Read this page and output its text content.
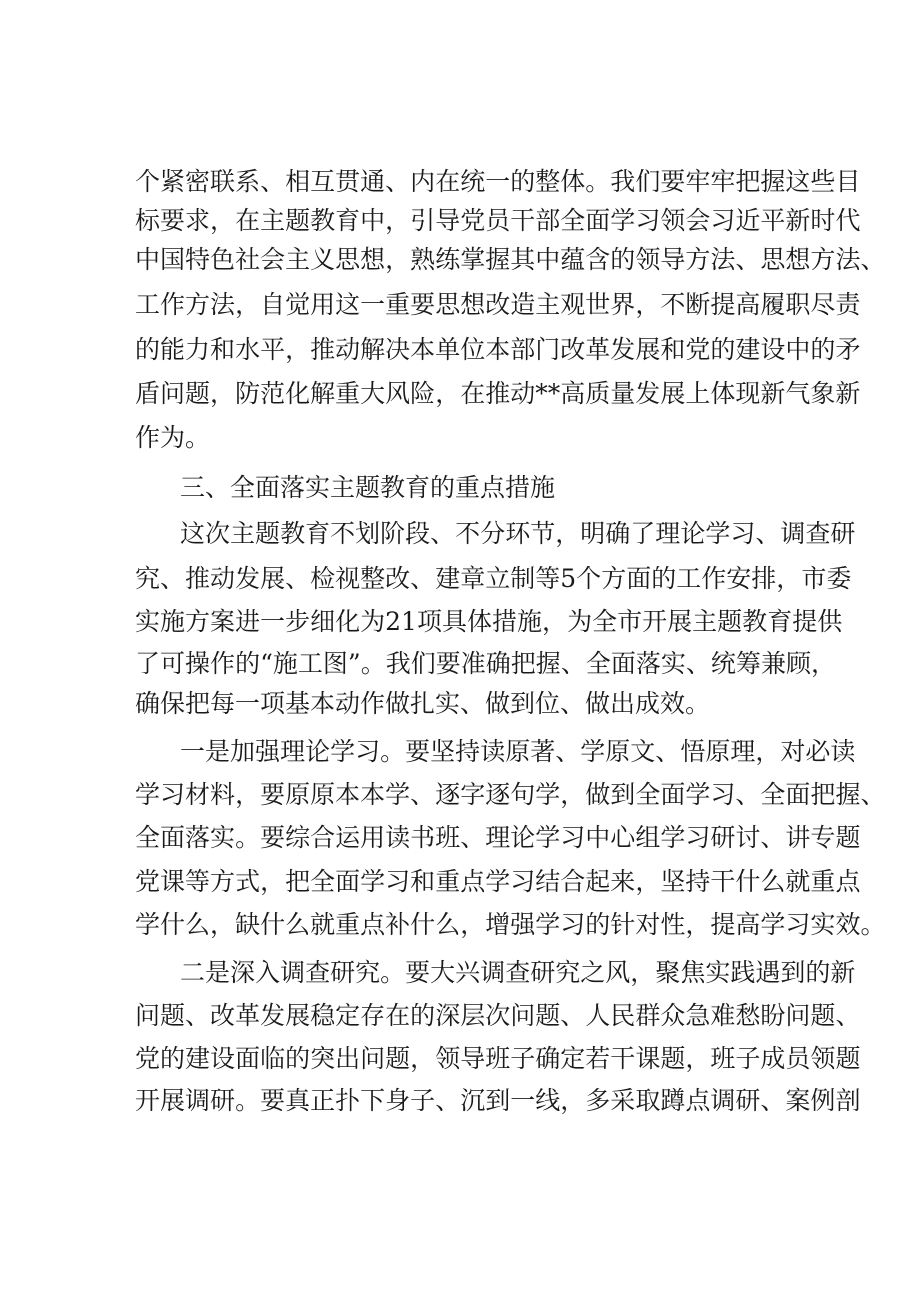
个 紧 密 联 系 、 相 互 贯 通 、 内 在 统 一 的 整 体 。 我 们 要 牢 牢 把 握 这 些 目
标 要 求 ， 在 主 题 教 育 中 ， 引 导 党 员 干 部 全 面 学 习 领 会 习 近 平 新 时 代
中 国 特 色 社 会 主 义 思 想 ， 熟 练 掌 握 其 中 蕴 含 的 领 导 方 法 、 思 想 方 法 、
工 作 方 法 ， 自 觉 用 这 一 重 要 思 想 改 造 主 观 世 界 ， 不 断 提 高 履 职 尽 责
的 能 力 和 水 平 ， 推 动 解 决 本 单 位 本 部 门 改 革 发 展 和 党 的 建 设 中 的 矛
盾 问 题 ， 防 范 化 解 重 大 风 险 ， 在 推 动 ** 高 质 量 发 展 上 体 现 新 气 象 新
作为。
三、全面落实主题教育的重点措施
这 次 主 题 教 育 不 划 阶 段 、 不 分 环 节 ， 明 确 了 理 论 学 习 、 调 查 研
究 、 推 动 发 展 、 检 视 整 改 、 建 章 立 制 等 5 个 方 面 的 工 作 安 排 ， 市 委
实 施 方 案 进 一 步 细 化 为 21 项 具 体 措 施 ， 为 全 市 开 展 主 题 教 育 提 供
了 可 操 作 的 “ 施 工 图 ” 。 我 们 要 准 确 把 握 、 全 面 落 实 、 统 筹 兼 顾 ，
确保把每一项基本动作做扎实、做到位、做出成效。
一 是 加 强 理 论 学 习 。 要 坚 持 读 原 著 、 学 原 文 、 悟 原 理 ， 对 必 读
学 习 材 料 ， 要 原 原 本 本 学 、 逐 字 逐 句 学 ， 做 到 全 面 学 习 、 全 面 把 握 、
全 面 落 实 。 要 综 合 运 用 读 书 班 、 理 论 学 习 中 心 组 学 习 研 讨 、 讲 专 题
党 课 等 方 式 ， 把 全 面 学 习 和 重 点 学 习 结 合 起 来 ， 坚 持 干 什 么 就 重 点
学 什 么 ， 缺 什 么 就 重 点 补 什 么 ， 增 强 学 习 的 针 对 性 ， 提 高 学 习 实 效 。
二 是 深 入 调 查 研 究 。 要 大 兴 调 查 研 究 之 风 ， 聚 焦 实 践 遇 到 的 新
问 题 、 改 革 发 展 稳 定 存 在 的 深 层 次 问 题 、 人 民 群 众 急 难 愁 盼 问 题 、
党 的 建 设 面 临 的 突 出 问 题 ， 领 导 班 子 确 定 若 干 课 题 ， 班 子 成 员 领 题
开 展 调 研 。 要 真 正 扑 下 身 子 、 沉 到 一 线 ， 多 采 取 蹲 点 调 研 、 案 例 剖
